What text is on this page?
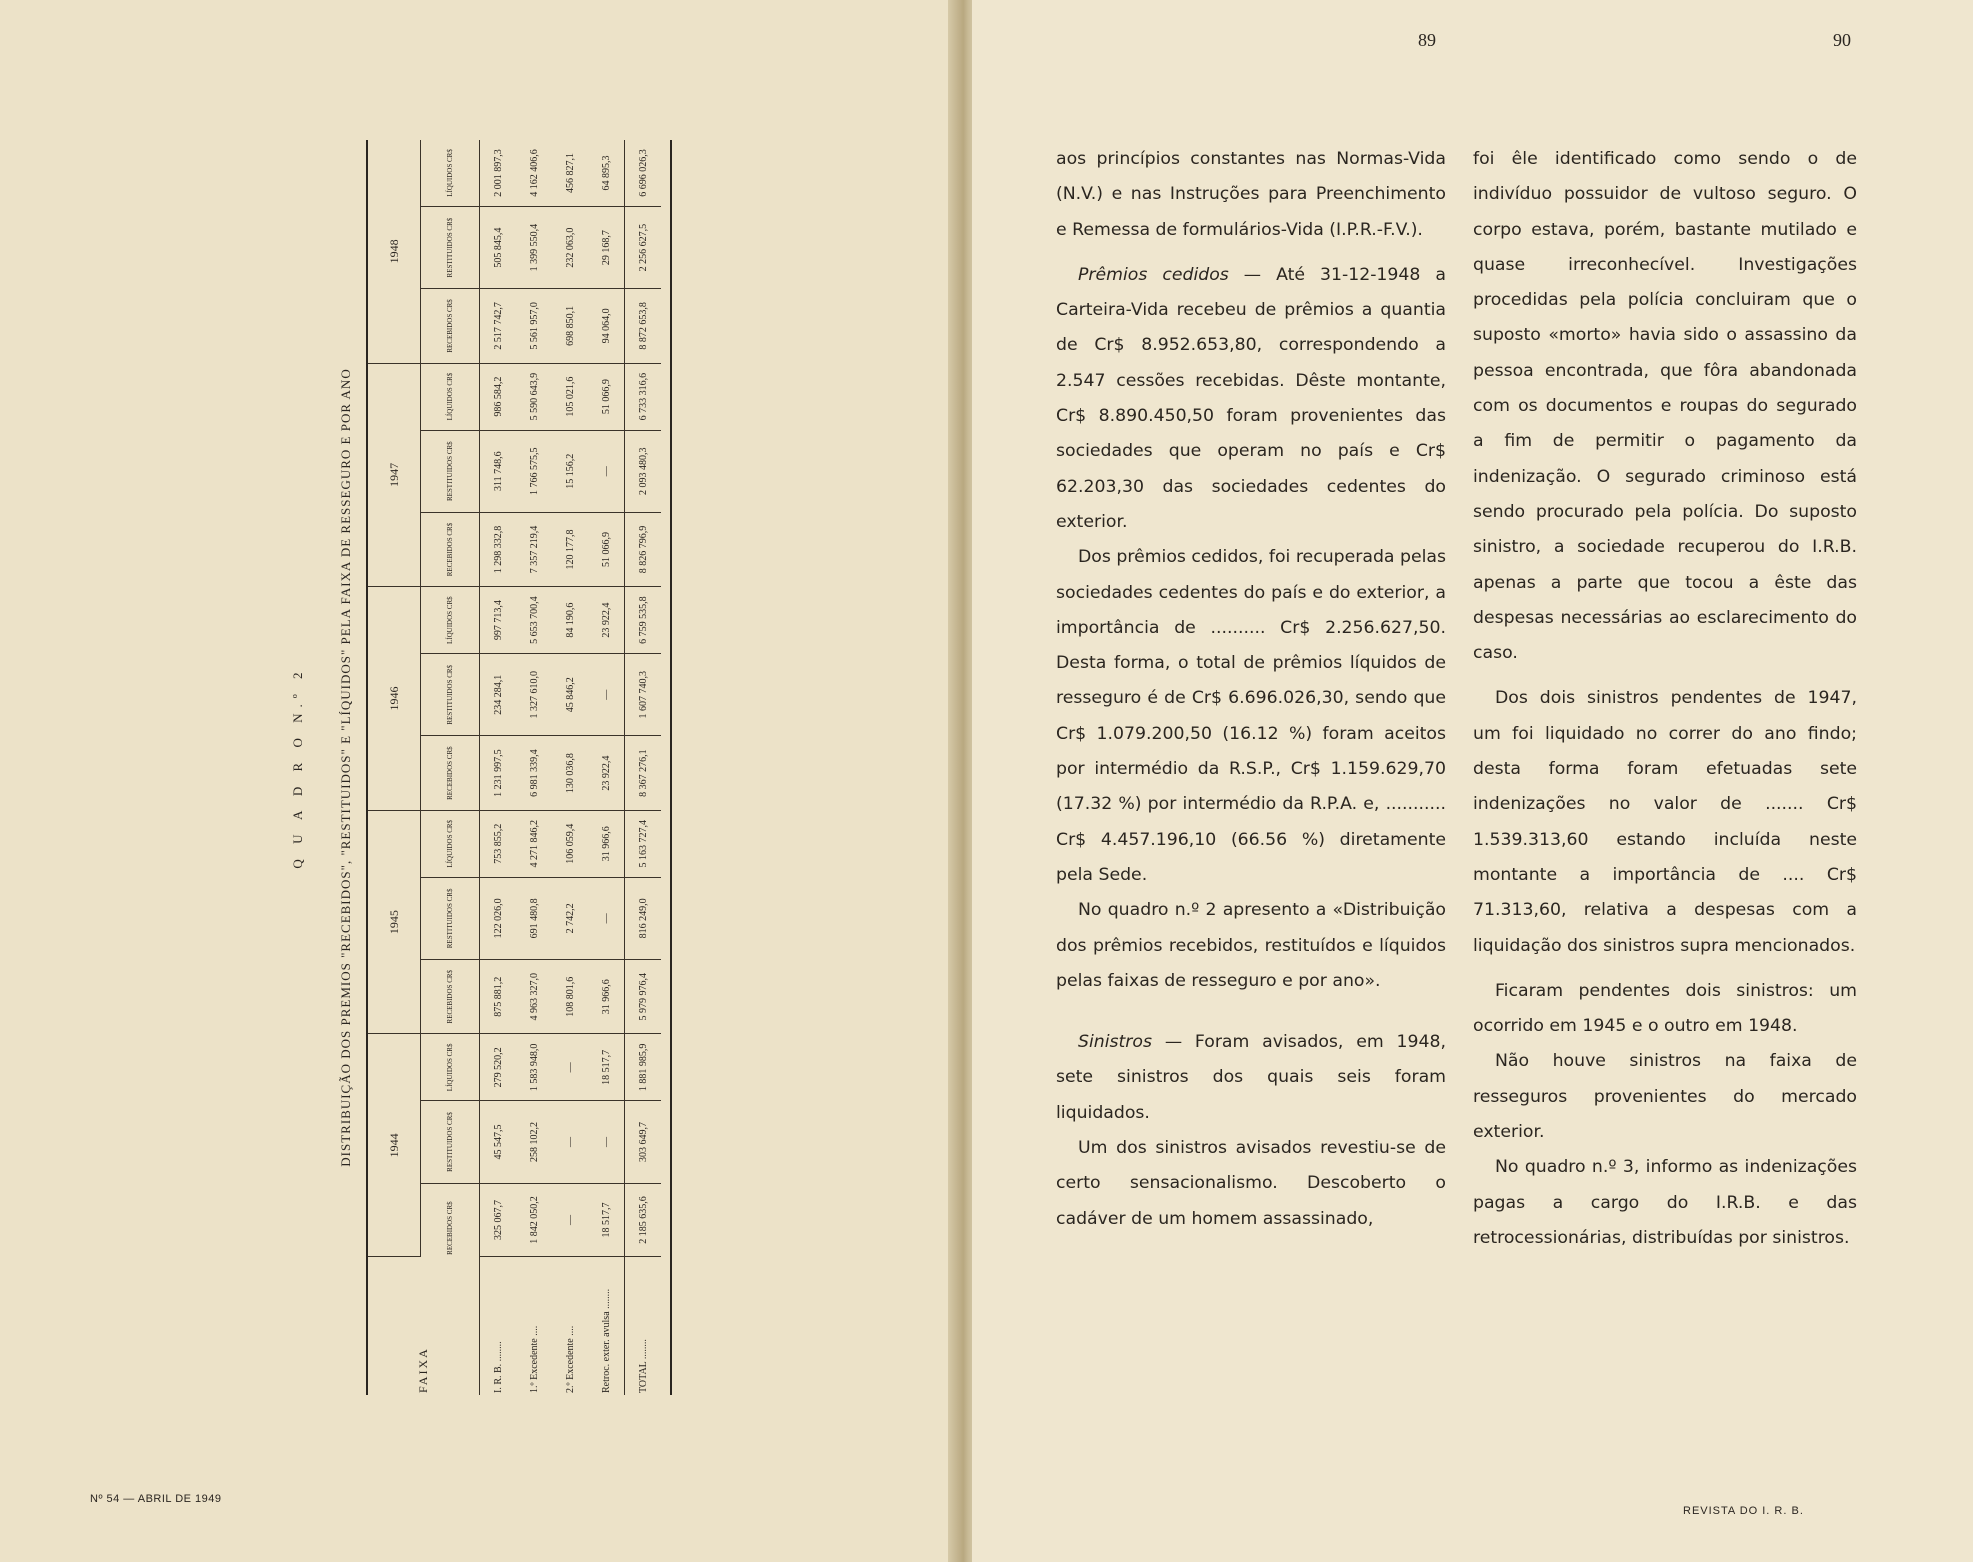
Q U A D R O N.º 2	DISTRIBUIÇÃO DOS PREMIOS "RECEBIDOS", "RESTITUIDOS" E "LÍQUIDOS" PELA FAIXA DE RESSEGURO E POR ANO
FAIXA	1944			1945			1946			1947			1948		
	RECEBIDOS CR$	RESTITUIDOS CR$	LÍQUIDOS CR$	RECEBIDOS CR$	RESTITUIDOS CR$	LÍQUIDOS CR$	RECEBIDOS CR$	RESTITUIDOS CR$	LÍQUIDOS CR$	RECEBIDOS CR$	RESTITUIDOS CR$	LÍQUIDOS CR$	RECEBIDOS CR$	RESTITUIDOS CR$	LÍQUIDOS CR$
I. R. B. ........	325 067,7	45 547,5	279 520,2	875 881,2	122 026,0	753 855,2	1 231 997,5	234 284,1	997 713,4	1 298 332,8	311 748,6	986 584,2	2 517 742,7	505 845,4	2 001 897,3
1.º Excedente ....	1 842 050,2	258 102,2	1 583 948,0	4 963 327,0	691 480,8	4 271 846,2	6 981 339,4	1 327 610,0	5 653 700,4	7 357 219,4	1 766 575,5	5 590 643,9	5 561 957,0	1 399 550,4	4 162 406,6
2.º Excedente ....	—	—	—	108 801,6	2 742,2	106 059,4	130 036,8	45 846,2	84 190,6	120 177,8	15 156,2	105 021,6	698 850,1	232 063,0	456 827,1
Retroc. exter. avulsa ........	18 517,7	—	18 517,7	31 966,6	—	31 966,6	23 922,4	—	23 922,4	51 066,9	—	51 066,9	94 064,0	29 168,7	64 895,3
TOTAL ........	2 185 635,6	303 649,7	1 881 985,9	5 979 976,4	816 249,0	5 163 727,4	8 367 276,1	1 607 740,3	6 759 535,8	8 826 796,9	2 093 480,3	6 733 316,6	8 872 653,8	2 256 627,5	6 696 026,3
Nº 54 — ABRIL DE 1949
89	90

aos princípios constantes nas Normas-Vida (N.V.) e nas Instruções para Preenchimento e Remessa de formulários-Vida (I.P.R.-F.V.).

Prêmios cedidos — Até 31-12-1948 a Carteira-Vida recebeu de prêmios a quantia de Cr$ 8.952.653,80, correspondendo a 2.547 cessões recebidas. Dêste montante, Cr$ 8.890.450,50 foram provenientes das sociedades que operam no país e Cr$ 62.203,30 das sociedades cedentes do exterior.

Dos prêmios cedidos, foi recuperada pelas sociedades cedentes do país e do exterior, a importância de .......... Cr$ 2.256.627,50. Desta forma, o total de prêmios líquidos de resseguro é de Cr$ 6.696.026,30, sendo que Cr$ 1.079.200,50 (16.12 %) foram aceitos por intermédio da R.S.P., Cr$ 1.159.629,70 (17.32 %) por intermédio da R.P.A. e, ........... Cr$ 4.457.196,10 (66.56 %) diretamente pela Sede.

No quadro n.º 2 apresento a «Distribuição dos prêmios recebidos, restituídos e líquidos pelas faixas de resseguro e por ano».

Sinistros — Foram avisados, em 1948, sete sinistros dos quais seis foram liquidados.

Um dos sinistros avisados revestiu-se de certo sensacionalismo. Descoberto o cadáver de um homem assassinado,

foi êle identificado como sendo o de indivíduo possuidor de vultoso seguro. O corpo estava, porém, bastante mutilado e quase irreconhecível. Investigações procedidas pela polícia concluiram que o suposto «morto» havia sido o assassino da pessoa encontrada, que fôra abandonada com os documentos e roupas do segurado a fim de permitir o pagamento da indenização. O segurado criminoso está sendo procurado pela polícia. Do suposto sinistro, a sociedade recuperou do I.R.B. apenas a parte que tocou a êste das despesas necessárias ao esclarecimento do caso.

Dos dois sinistros pendentes de 1947, um foi liquidado no correr do ano findo; desta forma foram efetuadas sete indenizações no valor de ....... Cr$ 1.539.313,60 estando incluída neste montante a importância de .... Cr$ 71.313,60, relativa a despesas com a liquidação dos sinistros supra mencionados.

Ficaram pendentes dois sinistros: um ocorrido em 1945 e o outro em 1948.

Não houve sinistros na faixa de resseguros provenientes do mercado exterior.

No quadro n.º 3, informo as indenizações pagas a cargo do I.R.B. e das retrocessionárias, distribuídas por sinistros.

REVISTA DO I. R. B.
